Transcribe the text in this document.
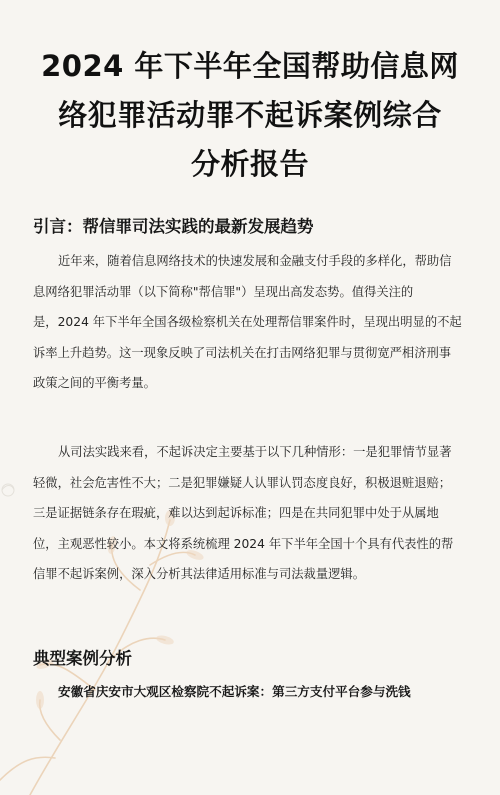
2024 年下半年全国帮助信息网
络犯罪活动罪不起诉案例综合
分析报告
引言：帮信罪司法实践的最新发展趋势
近年来，随着信息网络技术的快速发展和金融支付手段的多样化，帮助信
息网络犯罪活动罪（以下简称"帮信罪"）呈现出高发态势。值得关注的
是，2024 年下半年全国各级检察机关在处理帮信罪案件时，呈现出明显的不起
诉率上升趋势。这一现象反映了司法机关在打击网络犯罪与贯彻宽严相济刑事
政策之间的平衡考量。
从司法实践来看，不起诉决定主要基于以下几种情形：一是犯罪情节显著
轻微，社会危害性不大；二是犯罪嫌疑人认罪认罚态度良好，积极退赃退赔；
三是证据链条存在瑕疵，难以达到起诉标准；四是在共同犯罪中处于从属地
位，主观恶性较小。本文将系统梳理 2024 年下半年全国十个具有代表性的帮
信罪不起诉案例，深入分析其法律适用标准与司法裁量逻辑。
典型案例分析
安徽省庆安市大观区检察院不起诉案：第三方支付平台参与洗钱
